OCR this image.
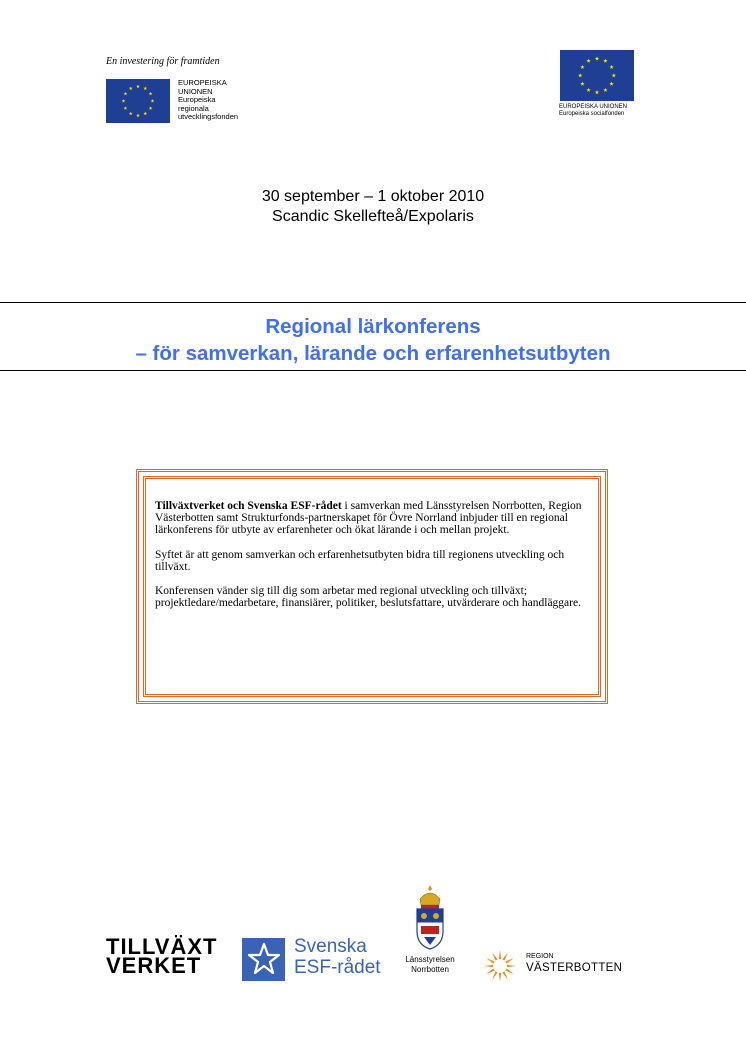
En investering för framtiden
EUROPEISKA
UNIONEN
Europeiska
regionala
utvecklingsfonden
EUROPEISKA UNIONEN
Europeiska socialfonden
30 september – 1 oktober 2010
Scandic Skellefteå/Expolaris
Regional lärkonferens
– för samverkan, lärande och erfarenhetsutbyten

Tillväxtverket och Svenska ESF-rådet i samverkan med Länsstyrelsen Norrbotten, Region Västerbotten samt Strukturfonds-partnerskapet för Övre Norrland inbjuder till en regional lärkonferens för utbyte av erfarenheter och ökat lärande i och mellan projekt.

Syftet är att genom samverkan och erfarenhetsutbyten bidra till regionens utveckling och tillväxt.

Konferensen vänder sig till dig som arbetar med regional utveckling och tillväxt; projektledare/medarbetare, finansiärer, politiker, beslutsfattare, utvärderare och handläggare.

TILLVÄXT
VERKET
Svenska
ESF-rådet	Länsstyrelsen
Norrbotten
REGION
VÄSTERBOTTEN
